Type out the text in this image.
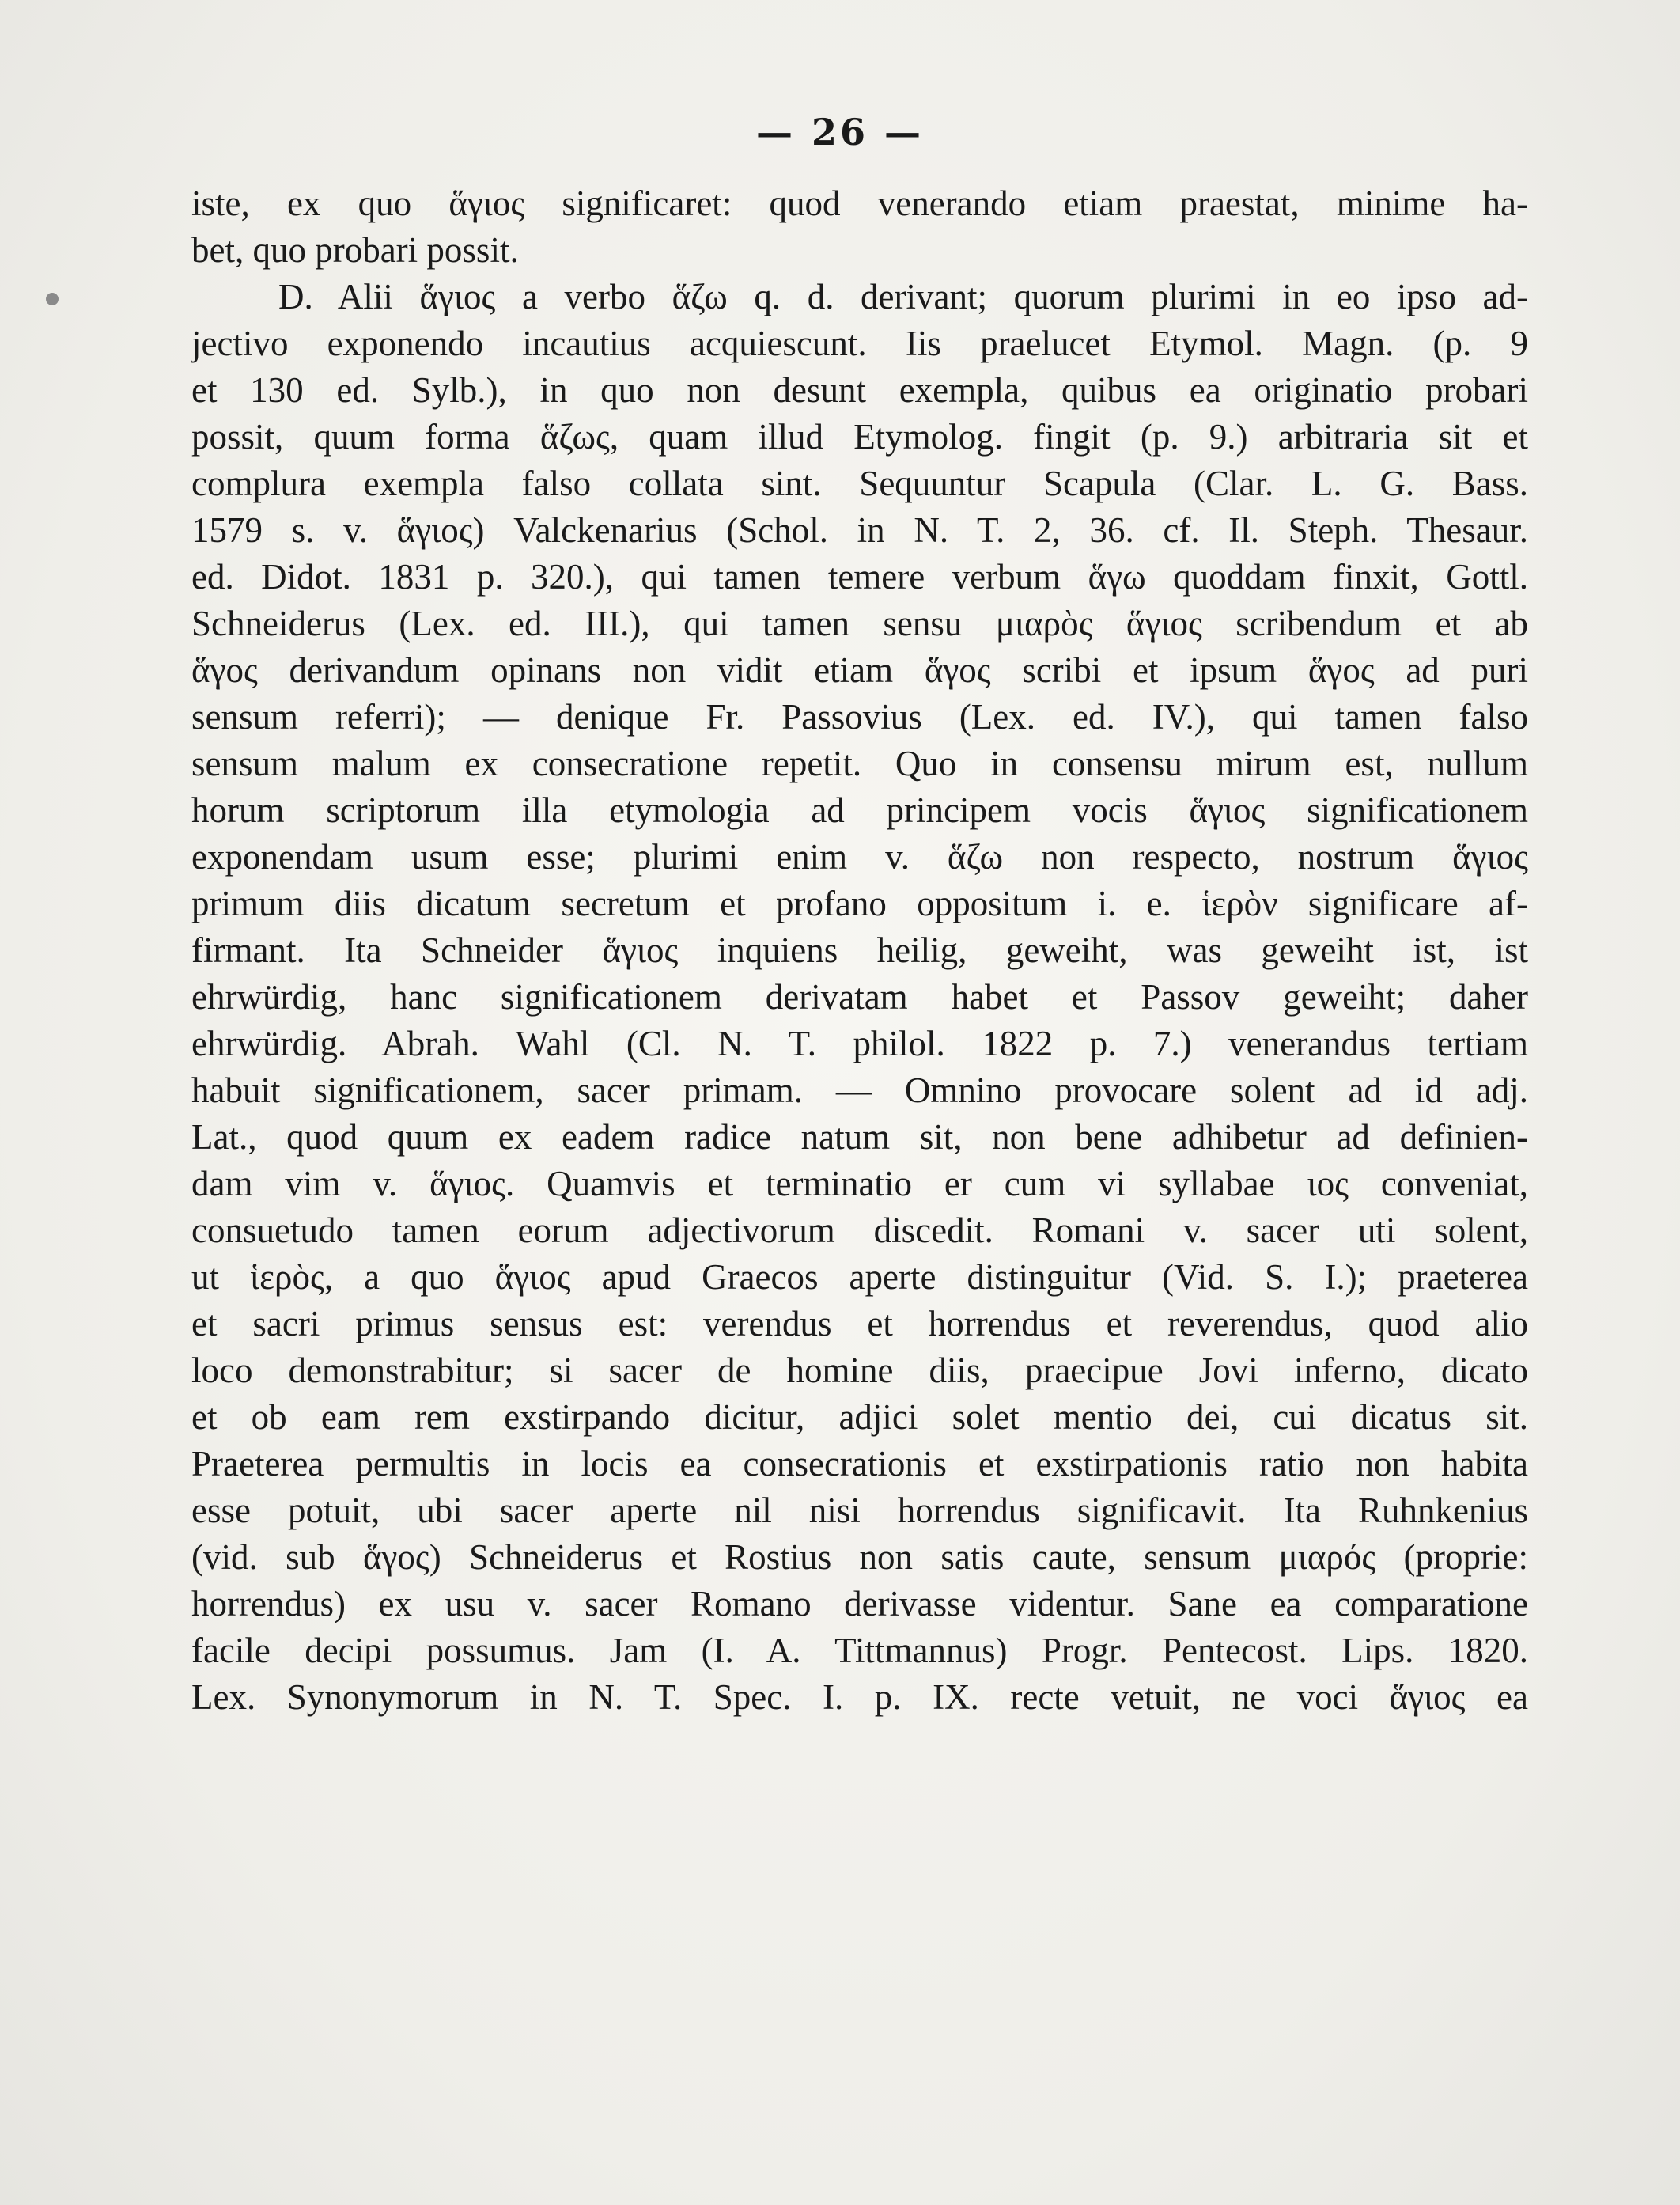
— 26 —
iste, ex quo ἅγιος significaret: quod venerando etiam praestat, minime ha-
bet, quo probari possit.
D. Alii ἅγιος a verbo ἅζω q. d. derivant; quorum plurimi in eo ipso ad-
jectivo exponendo incautius acquiescunt. Iis praelucet Etymol. Magn. (p. 9
et 130 ed. Sylb.), in quo non desunt exempla, quibus ea originatio probari
possit, quum forma ἅζως, quam illud Etymolog. fingit (p. 9.) arbitraria sit et
complura exempla falso collata sint. Sequuntur Scapula (Clar. L. G. Bass.
1579 s. v. ἅγιος) Valckenarius (Schol. in N. T. 2, 36. cf. Il. Steph. Thesaur.
ed. Didot. 1831 p. 320.), qui tamen temere verbum ἅγω quoddam finxit, Gottl.
Schneiderus (Lex. ed. III.), qui tamen sensu μιαρὸς ἅγιος scribendum et ab
ἅγος derivandum opinans non vidit etiam ἅγος scribi et ipsum ἅγος ad puri
sensum referri); — denique Fr. Passovius (Lex. ed. IV.), qui tamen falso
sensum malum ex consecratione repetit. Quo in consensu mirum est, nullum
horum scriptorum illa etymologia ad principem vocis ἅγιος significationem
exponendam usum esse; plurimi enim v. ἅζω non respecto, nostrum ἅγιος
primum diis dicatum secretum et profano oppositum i. e. ἱερὸν significare af-
firmant. Ita Schneider ἅγιος inquiens heilig, geweiht, was geweiht ist, ist
ehrwürdig, hanc significationem derivatam habet et Passov geweiht; daher
ehrwürdig. Abrah. Wahl (Cl. N. T. philol. 1822 p. 7.) venerandus tertiam
habuit significationem, sacer primam. — Omnino provocare solent ad id adj.
Lat., quod quum ex eadem radice natum sit, non bene adhibetur ad definien-
dam vim v. ἅγιος. Quamvis et terminatio er cum vi syllabae ιος conveniat,
consuetudo tamen eorum adjectivorum discedit. Romani v. sacer uti solent,
ut ἱερὸς, a quo ἅγιος apud Graecos aperte distinguitur (Vid. S. I.); praeterea
et sacri primus sensus est: verendus et horrendus et reverendus, quod alio
loco demonstrabitur; si sacer de homine diis, praecipue Jovi inferno, dicato
et ob eam rem exstirpando dicitur, adjici solet mentio dei, cui dicatus sit.
Praeterea permultis in locis ea consecrationis et exstirpationis ratio non habita
esse potuit, ubi sacer aperte nil nisi horrendus significavit. Ita Ruhnkenius
(vid. sub ἅγος) Schneiderus et Rostius non satis caute, sensum μιαρός (proprie:
horrendus) ex usu v. sacer Romano derivasse videntur. Sane ea comparatione
facile decipi possumus. Jam (I. A. Tittmannus) Progr. Pentecost. Lips. 1820.
Lex. Synonymorum in N. T. Spec. I. p. IX. recte vetuit, ne voci ἅγιος ea
